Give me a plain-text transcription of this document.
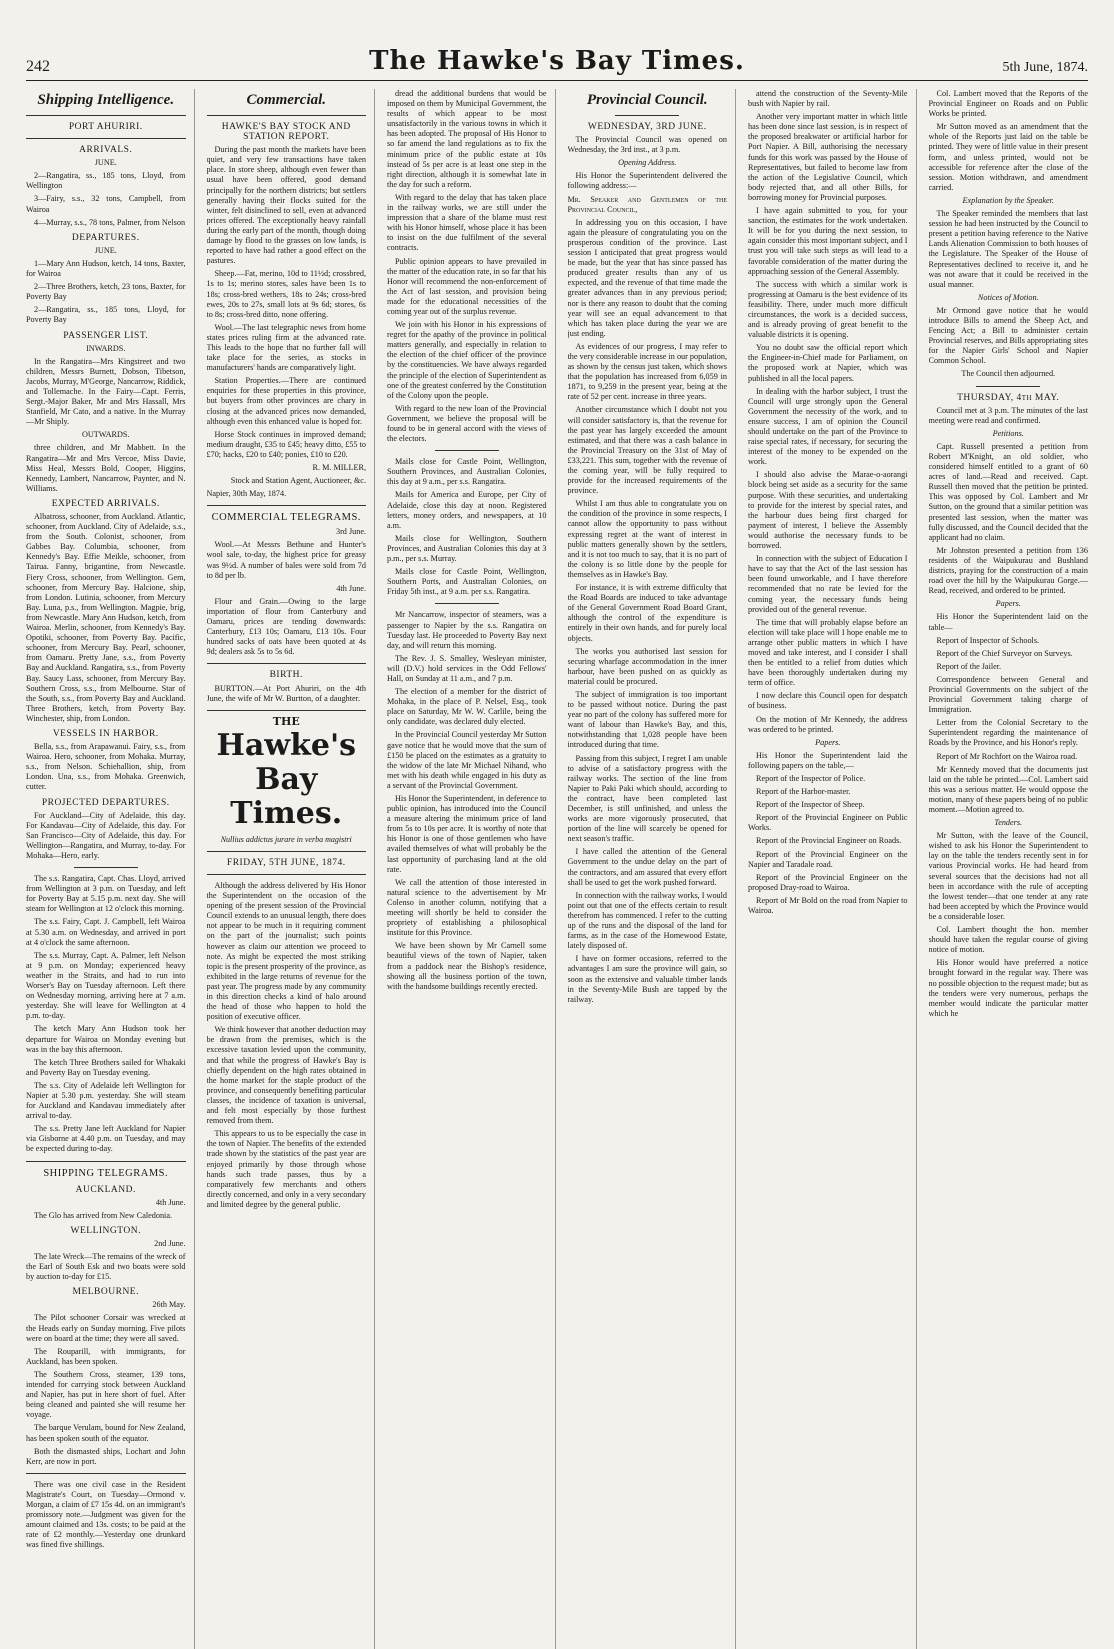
242	The Hawke's Bay Times.	5th June, 1874.
Shipping Intelligence.
PORT AHURIRI.
ARRIVALS.

JUNE.

2—Rangatira, ss., 185 tons, Lloyd, from Wellington

3—Fairy, s.s., 32 tons, Campbell, from Wairoa

4—Murray, s.s., 78 tons, Palmer, from Nelson

DEPARTURES.

JUNE.

1—Mary Ann Hudson, ketch, 14 tons, Baxter, for Wairoa

2—Three Brothers, ketch, 23 tons, Baxter, for Poverty Bay

2—Rangatira, ss., 185 tons, Lloyd, for Poverty Bay

PASSENGER LIST.

INWARDS.

In the Rangatira—Mrs Kingstreet and two children, Messrs Burnett, Dobson, Tibetson, Jacobs, Murray, M'George, Nancarrow, Riddick, and Tollemache. In the Fairy—Capt. Ferris, Sergt.-Major Baker, Mr and Mrs Hassall, Mrs Stanfield, Mr Cato, and a native. In the Murray—Mr Shiply.

OUTWARDS.

three children, and Mr Mabbett. In the Rangatira—Mr and Mrs Vercoe, Miss Davie, Miss Heal, Messrs Bold, Cooper, Higgins, Kennedy, Lambert, Nancarrow, Paynter, and N. Williams.

EXPECTED ARRIVALS.

Albatross, schooner, from Auckland. Atlantic, schooner, from Auckland. City of Adelaide, s.s., from the South. Colonist, schooner, from Gabbes Bay. Columbia, schooner, from Kennedy's Bay. Effie Meikle, schooner, from Tairua. Fanny, brigantine, from Newcastle. Fiery Cross, schooner, from Wellington. Gem, schooner, from Mercury Bay. Halcione, ship, from London. Lutinia, schooner, from Mercury Bay. Luna, p.s., from Wellington. Magpie, brig, from Newcastle. Mary Ann Hudson, ketch, from Wairoa. Merlin, schooner, from Kennedy's Bay. Opotiki, schooner, from Poverty Bay. Pacific, schooner, from Mercury Bay. Pearl, schooner, from Oamaru. Pretty Jane, s.s., from Poverty Bay and Auckland. Rangatira, s.s., from Poverty Bay. Saucy Lass, schooner, from Mercury Bay. Southern Cross, s.s., from Melbourne. Star of the South, s.s., from Poverty Bay and Auckland. Three Brothers, ketch, from Poverty Bay. Winchester, ship, from London.

VESSELS IN HARBOR.

Bella, s.s., from Arapawanui. Fairy, s.s., from Wairoa. Hero, schooner, from Mohaka. Murray, s.s., from Nelson. Schiehallion, ship, from London. Una, s.s., from Mohaka. Greenwich, cutter.

PROJECTED DEPARTURES.

For Auckland—City of Adelaide, this day. For Kandavau—City of Adelaide, this day. For San Francisco—City of Adelaide, this day. For Wellington—Rangatira, and Murray, to-day. For Mohaka—Hero, early.

The s.s. Rangatira, Capt. Chas. Lloyd, arrived from Wellington at 3 p.m. on Tuesday, and left for Poverty Bay at 5.15 p.m. next day. She will steam for Wellington at 12 o'clock this morning.

The s.s. Fairy, Capt. J. Campbell, left Wairoa at 5.30 a.m. on Wednesday, and arrived in port at 4 o'clock the same afternoon.

The s.s. Murray, Capt. A. Palmer, left Nelson at 9 p.m. on Monday; experienced heavy weather in the Straits, and had to run into Worser's Bay on Tuesday afternoon. Left there on Wednesday morning, arriving here at 7 a.m. yesterday. She will leave for Wellington at 4 p.m. to-day.

The ketch Mary Ann Hudson took her departure for Wairoa on Monday evening but was in the bay this afternoon.

The ketch Three Brothers sailed for Whakaki and Poverty Bay on Tuesday evening.

The s.s. City of Adelaide left Wellington for Napier at 5.30 p.m. yesterday. She will steam for Auckland and Kandavau immediately after arrival to-day.

The s.s. Pretty Jane left Auckland for Napier via Gisborne at 4.40 p.m. on Tuesday, and may be expected during to-day.

SHIPPING TELEGRAMS.
AUCKLAND.

4th June.

The Glo has arrived from New Caledonia.

WELLINGTON.

2nd June.

The late Wreck—The remains of the wreck of the Earl of South Esk and two boats were sold by auction to-day for £15.

MELBOURNE.

26th May.

The Pilot schooner Corsair was wrecked at the Heads early on Sunday morning. Five pilots were on board at the time; they were all saved.

The Rouparill, with immigrants, for Auckland, has been spoken.

The Southern Cross, steamer, 139 tons, intended for carrying stock between Auckland and Napier, has put in here short of fuel. After being cleaned and painted she will resume her voyage.

The barque Verulam, bound for New Zealand, has been spoken south of the equator.

Both the dismasted ships, Lochart and John Kerr, are now in port.

There was one civil case in the Resident Magistrate's Court, on Tuesday—Ormond v. Morgan, a claim of £7 15s 4d. on an immigrant's promissory note.—Judgment was given for the amount claimed and 13s. costs; to be paid at the rate of £2 monthly.—Yesterday one drunkard was fined five shillings.

Commercial.
HAWKE'S BAY STOCK AND STATION REPORT.

During the past month the markets have been quiet, and very few transactions have taken place. In store sheep, although even fewer than usual have been offered, good demand principally for the northern districts; but settlers generally having their flocks suited for the winter, felt disinclined to sell, even at advanced prices offered. The exceptionally heavy rainfall during the early part of the month, though doing damage by flood to the grasses on low lands, is reported to have had rather a good effect on the pastures.

Sheep.—Fat, merino, 10d to 11½d; crossbred, 1s to 1s; merino stores, sales have been 1s to 18s; cross-bred wethers, 18s to 24s; cross-bred ewes, 20s to 27s, small lots at 9s 6d; stores, 6s to 8s; cross-bred ditto, none offering.

Wool.—The last telegraphic news from home states prices ruling firm at the advanced rate. This leads to the hope that no further fall will take place for the series, as stocks in manufacturers' hands are comparatively light.

Station Properties.—There are continued enquiries for these properties in this province, but buyers from other provinces are chary in closing at the advanced prices now demanded, although even this enhanced value is hoped for.

Horse Stock continues in improved demand; medium draught, £35 to £45; heavy ditto, £55 to £70; hacks, £20 to £40; ponies, £10 to £20.

R. M. MILLER,

Stock and Station Agent, Auctioneer, &c.

Napier, 30th May, 1874.

COMMERCIAL TELEGRAMS.

3rd June.

Wool.—At Messrs Bethune and Hunter's wool sale, to-day, the highest price for greasy was 9½d. A number of bales were sold from 7d to 8d per lb.

4th June.

Flour and Grain.—Owing to the large importation of flour from Canterbury and Oamaru, prices are tending downwards: Canterbury, £13 10s; Oamaru, £13 10s. Four hundred sacks of oats have been quoted at 4s 9d; dealers ask 5s to 5s 6d.

BIRTH.

BURTTON.—At Port Ahuriri, on the 4th June, the wife of Mr W. Burtton, of a daughter.

THE
Hawke's Bay Times.
Nullius addictus jurare in verba magistri
FRIDAY, 5TH JUNE, 1874.

Although the address delivered by His Honor the Superintendent on the occasion of the opening of the present session of the Provincial Council extends to an unusual length, there does not appear to be much in it requiring comment on the part of the journalist; such points however as claim our attention we proceed to note. As might be expected the most striking topic is the present prosperity of the province, as exhibited in the large returns of revenue for the past year. The progress made by any community in this direction checks a kind of halo around the head of those who happen to hold the position of executive officer.

We think however that another deduction may be drawn from the premises, which is the excessive taxation levied upon the community, and that while the progress of Hawke's Bay is chiefly dependent on the high rates obtained in the home market for the staple product of the province, and consequently benefiting particular classes, the incidence of taxation is universal, and felt most especially by those furthest removed from them.

This appears to us to be especially the case in the town of Napier. The benefits of the extended trade shown by the statistics of the past year are enjoyed primarily by those through whose hands such trade passes, thus by a comparatively few merchants and others directly concerned, and only in a very secondary and limited degree by the general public.

dread the additional burdens that would be imposed on them by Municipal Government, the results of which appear to be most unsatisfactorily in the various towns in which it has been adopted. The proposal of His Honor to so far amend the land regulations as to fix the minimum price of the public estate at 10s instead of 5s per acre is at least one step in the right direction, although it is somewhat late in the day for such a reform.

With regard to the delay that has taken place in the railway works, we are still under the impression that a share of the blame must rest with his Honor himself, whose place it has been to insist on the due fulfilment of the several contracts.

Public opinion appears to have prevailed in the matter of the education rate, in so far that his Honor will recommend the non-enforcement of the Act of last session, and provision being made for the educational necessities of the coming year out of the surplus revenue.

We join with his Honor in his expressions of regret for the apathy of the province in political matters generally, and especially in relation to the election of the chief officer of the province by the constituencies. We have always regarded the principle of the election of Superintendent as one of the greatest conferred by the Constitution of the Colony upon the people.

With regard to the new loan of the Provincial Government, we believe the proposal will be found to be in general accord with the views of the electors.

Mails close for Castle Point, Wellington, Southern Provinces, and Australian Colonies, this day at 9 a.m., per s.s. Rangatira.

Mails for America and Europe, per City of Adelaide, close this day at noon. Registered letters, money orders, and newspapers, at 10 a.m.

Mails close for Wellington, Southern Provinces, and Australian Colonies this day at 3 p.m., per s.s. Murray.

Mails close for Castle Point, Wellington, Southern Ports, and Australian Colonies, on Friday 5th inst., at 9 a.m. per s.s. Rangatira.

Mr Nancarrow, inspector of steamers, was a passenger to Napier by the s.s. Rangatira on Tuesday last. He proceeded to Poverty Bay next day, and will return this morning.

The Rev. J. S. Smalley, Wesleyan minister, will (D.V.) hold services in the Odd Fellows' Hall, on Sunday at 11 a.m., and 7 p.m.

The election of a member for the district of Mohaka, in the place of P. Nelsel, Esq., took place on Saturday, Mr W. W. Carlile, being the only candidate, was declared duly elected.

In the Provincial Council yesterday Mr Sutton gave notice that he would move that the sum of £150 be placed on the estimates as a gratuity to the widow of the late Mr Michael Nihand, who met with his death while engaged in his duty as a servant of the Provincial Government.

His Honor the Superintendent, in deference to public opinion, has introduced into the Council a measure altering the minimum price of land from 5s to 10s per acre. It is worthy of note that his Honor is one of those gentlemen who have availed themselves of what will probably be the last opportunity of purchasing land at the old rate.

We call the attention of those interested in natural science to the advertisement by Mr Colenso in another column, notifying that a meeting will shortly be held to consider the propriety of establishing a philosophical institute for this Province.

We have been shown by Mr Carnell some beautiful views of the town of Napier, taken from a paddock near the Bishop's residence, showing all the business portion of the town, with the handsome buildings recently erected.

Provincial Council.
WEDNESDAY, 3RD JUNE.

The Provincial Council was opened on Wednesday, the 3rd inst., at 3 p.m.

Opening Address.

His Honor the Superintendent delivered the following address:—

Mr. Speaker and Gentlemen of the Provincial Council,

In addressing you on this occasion, I have again the pleasure of congratulating you on the prosperous condition of the province. Last session I anticipated that great progress would be made, but the year that has since passed has produced greater results than any of us expected, and the revenue of that time made the greater advances than in any previous period; nor is there any reason to doubt that the coming year will see an equal advancement to that which has taken place during the year we are just ending.

As evidences of our progress, I may refer to the very considerable increase in our population, as shown by the census just taken, which shows that the population has increased from 6,059 in 1871, to 9,259 in the present year, being at the rate of 52 per cent. increase in three years.

Another circumstance which I doubt not you will consider satisfactory is, that the revenue for the past year has largely exceeded the amount estimated, and that there was a cash balance in the Provincial Treasury on the 31st of May of £33,221. This sum, together with the revenue of the coming year, will be fully required to provide for the increased requirements of the province.

Whilst I am thus able to congratulate you on the condition of the province in some respects, I cannot allow the opportunity to pass without expressing regret at the want of interest in public matters generally shown by the settlers, and it is not too much to say, that it is no part of the colony is so little done by the people for themselves as in Hawke's Bay.

For instance, it is with extreme difficulty that the Road Boards are induced to take advantage of the General Government Road Board Grant, although the control of the expenditure is entirely in their own hands, and for purely local objects.

The works you authorised last session for securing wharfage accommodation in the inner harbour, have been pushed on as quickly as material could be procured.

The subject of immigration is too important to be passed without notice. During the past year no part of the colony has suffered more for want of labour than Hawke's Bay, and this, notwithstanding that 1,028 people have been introduced during that time.

Passing from this subject, I regret I am unable to advise of a satisfactory progress with the railway works. The section of the line from Napier to Paki Paki which should, according to the contract, have been completed last December, is still unfinished, and unless the works are more vigorously prosecuted, that portion of the line will scarcely be opened for next season's traffic.

I have called the attention of the General Government to the undue delay on the part of the contractors, and am assured that every effort shall be used to get the work pushed forward.

In connection with the railway works, I would point out that one of the effects certain to result therefrom has commenced. I refer to the cutting up of the runs and the disposal of the land for farms, as in the case of the Homewood Estate, lately disposed of.

I have on former occasions, referred to the advantages I am sure the province will gain, so soon as the extensive and valuable timber lands in the Seventy-Mile Bush are tapped by the railway.

attend the construction of the Seventy-Mile bush with Napier by rail.

Another very important matter in which little has been done since last session, is in respect of the proposed breakwater or artificial harbor for Port Napier. A Bill, authorising the necessary funds for this work was passed by the House of Representatives, but failed to become law from the action of the Legislative Council, which body rejected that, and all other Bills, for borrowing money for Provincial purposes.

I have again submitted to you, for your sanction, the estimates for the work undertaken. It will be for you during the next session, to again consider this most important subject, and I trust you will take such steps as will lead to a favorable consideration of the matter during the approaching session of the General Assembly.

The success with which a similar work is progressing at Oamaru is the best evidence of its feasibility. There, under much more difficult circumstances, the work is a decided success, and is already proving of great benefit to the valuable districts it is opening.

You no doubt saw the official report which the Engineer-in-Chief made for Parliament, on the proposed work at Napier, which was published in all the local papers.

In dealing with the harbor subject, I trust the Council will urge strongly upon the General Government the necessity of the work, and to ensure success, I am of opinion the Council should undertake on the part of the Province to raise special rates, if necessary, for securing the interest of the money to be expended on the work.

I should also advise the Marae-o-aorangi block being set aside as a security for the same purpose. With these securities, and undertaking to provide for the interest by special rates, and the harbour dues being first charged for payment of interest, I believe the Assembly would authorise the necessary funds to be borrowed.

In connection with the subject of Education I have to say that the Act of the last session has been found unworkable, and I have therefore recommended that no rate be levied for the coming year, the necessary funds being provided out of the general revenue.

The time that will probably elapse before an election will take place will I hope enable me to arrange other public matters in which I have moved and take interest, and I consider I shall then be entitled to a relief from duties which have been thoroughly undertaken during my term of office.

I now declare this Council open for despatch of business.

On the motion of Mr Kennedy, the address was ordered to be printed.

Papers.

His Honor the Superintendent laid the following papers on the table,—

Report of the Inspector of Police.

Report of the Harbor-master.

Report of the Inspector of Sheep.

Report of the Provincial Engineer on Public Works.

Report of the Provincial Engineer on Roads.

Report of the Provincial Engineer on the Napier and Taradale road.

Report of the Provincial Engineer on the proposed Dray-road to Wairoa.

Report of Mr Bold on the road from Napier to Wairoa.

Col. Lambert moved that the Reports of the Provincial Engineer on Roads and on Public Works be printed.

Mr Sutton moved as an amendment that the whole of the Reports just laid on the table be printed. They were of little value in their present form, and unless printed, would not be accessible for reference after the close of the session. Motion withdrawn, and amendment carried.

Explanation by the Speaker.

The Speaker reminded the members that last session he had been instructed by the Council to present a petition having reference to the Native Lands Alienation Commission to both houses of the Legislature. The Speaker of the House of Representatives declined to receive it, and he was not aware that it could be received in the usual manner.

Notices of Motion.

Mr Ormond gave notice that he would introduce Bills to amend the Sheep Act, and Fencing Act; a Bill to administer certain Provincial reserves, and Bills appropriating sites for the Napier Girls' School and Napier Common School.

The Council then adjourned.

THURSDAY, 4th MAY.

Council met at 3 p.m. The minutes of the last meeting were read and confirmed.

Petitions.

Capt. Russell presented a petition from Robert M'Knight, an old soldier, who considered himself entitled to a grant of 60 acres of land.—Read and received. Capt. Russell then moved that the petition be printed. This was opposed by Col. Lambert and Mr Sutton, on the ground that a similar petition was presented last session, when the matter was fully discussed, and the Council decided that the applicant had no claim.

Mr Johnston presented a petition from 136 residents of the Waipukurau and Bushland districts, praying for the construction of a main road over the hill by the Waipukurau Gorge.—Read, received, and ordered to be printed.

Papers.

His Honor the Superintendent laid on the table—

Report of Inspector of Schools.

Report of the Chief Surveyor on Surveys.

Report of the Jailer.

Correspondence between General and Provincial Governments on the subject of the Provincial Government taking charge of Immigration.

Letter from the Colonial Secretary to the Superintendent regarding the maintenance of Roads by the Province, and his Honor's reply.

Report of Mr Rochfort on the Wairoa road.

Mr Kennedy moved that the documents just laid on the table be printed.—Col. Lambert said this was a serious matter. He would oppose the motion, many of these papers being of no public moment.—Motion agreed to.

Tenders.

Mr Sutton, with the leave of the Council, wished to ask his Honor the Superintendent to lay on the table the tenders recently sent in for various Provincial works. He had heard from several sources that the decisions had not all been in accordance with the rule of accepting the lowest tender—that one tender at any rate had been accepted by which the Province would be a considerable loser.

Col. Lambert thought the hon. member should have taken the regular course of giving notice of motion.

His Honor would have preferred a notice brought forward in the regular way. There was no possible objection to the request made; but as the tenders were very numerous, perhaps the member would indicate the particular matter which he
